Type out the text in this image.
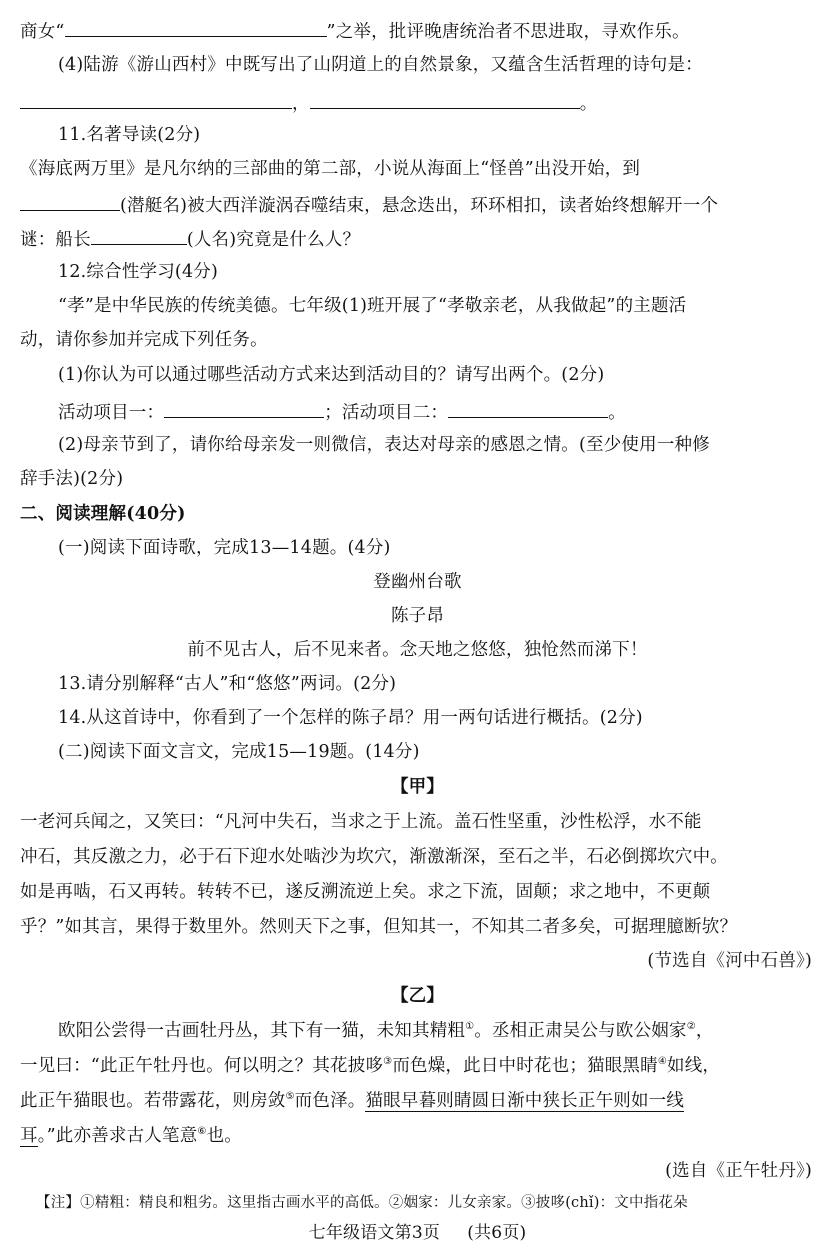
商女“	”之举，批评晚唐统治者不思进取，寻欢作乐。
(4)陆游《游山西村》中既写出了山阴道上的自然景象，又蕴含生活哲理的诗句是：
，	。
11.名著导读(2分)
《海底两万里》是凡尔纳的三部曲的第二部，小说从海面上“怪兽”出没开始，到
(潜艇名)被大西洋漩涡吞噬结束，悬念迭出，环环相扣，读者始终想解开一个
谜：船长	(人名)究竟是什么人？
12.综合性学习(4分)
“孝”是中华民族的传统美德。七年级(1)班开展了“孝敬亲老，从我做起”的主题活
动，请你参加并完成下列任务。
(1)你认为可以通过哪些活动方式来达到活动目的？请写出两个。(2分)
活动项目一：	；活动项目二：	。
(2)母亲节到了，请你给母亲发一则微信，表达对母亲的感恩之情。(至少使用一种修
辞手法)(2分)
二、阅读理解(40分)
(一)阅读下面诗歌，完成13—14题。(4分)
登幽州台歌
陈子昂
前不见古人，后不见来者。念天地之悠悠，独怆然而涕下！
13.请分别解释“古人”和“悠悠”两词。(2分)
14.从这首诗中，你看到了一个怎样的陈子昂？用一两句话进行概括。(2分)
(二)阅读下面文言文，完成15—19题。(14分)
【甲】
一老河兵闻之，又笑曰：“凡河中失石，当求之于上流。盖石性坚重，沙性松浮，水不能
冲石，其反激之力，必于石下迎水处啮沙为坎穴，渐激渐深，至石之半，石必倒掷坎穴中。
如是再啮，石又再转。转转不已，遂反溯流逆上矣。求之下流，固颠；求之地中，不更颠
乎？”如其言，果得于数里外。然则天下之事，但知其一，不知其二者多矣，可据理臆断欤？
(节选自《河中石兽》)
【乙】
欧阳公尝得一古画牡丹丛，其下有一猫，未知其精粗①。丞相正肃吴公与欧公姻家②，
一见曰：“此正午牡丹也。何以明之？其花披哆③而色燥，此日中时花也；猫眼黑睛④如线，
此正午猫眼也。若带露花，则房敛⑤而色泽。猫眼早暮则睛圆日渐中狭长正午则如一线
耳。”此亦善求古人笔意⑥也。
(选自《正午牡丹》)
【注】①精粗：精良和粗劣。这里指古画水平的高低。②姻家：儿女亲家。③披哆(chǐ)：文中指花朵
七年级语文第3页 (共6页)
